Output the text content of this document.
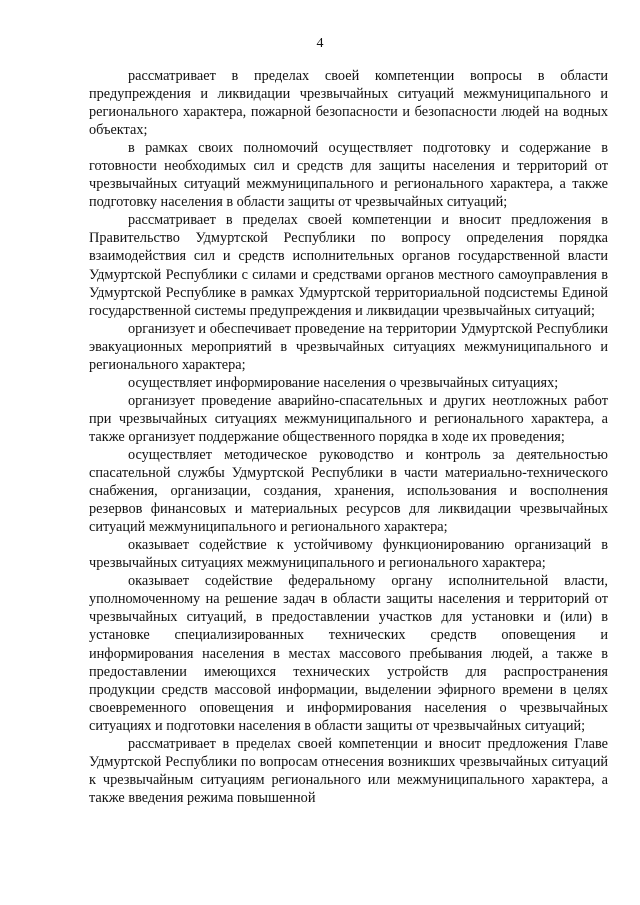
4

рассматривает в пределах своей компетенции вопросы в области предупреждения и ликвидации чрезвычайных ситуаций межмуниципального и регионального характера, пожарной безопасности и безопасности людей на водных объектах;

в рамках своих полномочий осуществляет подготовку и содержание в готовности необходимых сил и средств для защиты населения и территорий от чрезвычайных ситуаций межмуниципального и регионального характера, а также подготовку населения в области защиты от чрезвычайных ситуаций;

рассматривает в пределах своей компетенции и вносит предложения в Правительство Удмуртской Республики по вопросу определения порядка взаимодействия сил и средств исполнительных органов государственной власти Удмуртской Республики с силами и средствами органов местного самоуправления в Удмуртской Республике в рамках Удмуртской территориальной подсистемы Единой государственной системы предупреждения и ликвидации чрезвычайных ситуаций;

организует и обеспечивает проведение на территории Удмуртской Республики эвакуационных мероприятий в чрезвычайных ситуациях межмуниципального и регионального характера;

осуществляет информирование населения о чрезвычайных ситуациях;

организует проведение аварийно-спасательных и других неотложных работ при чрезвычайных ситуациях межмуниципального и регионального характера, а также организует поддержание общественного порядка в ходе их проведения;

осуществляет методическое руководство и контроль за деятельностью спасательной службы Удмуртской Республики в части материально-технического снабжения, организации, создания, хранения, использования и восполнения резервов финансовых и материальных ресурсов для ликвидации чрезвычайных ситуаций межмуниципального и регионального характера;

оказывает содействие к устойчивому функционированию организаций в чрезвычайных ситуациях межмуниципального и регионального характера;

оказывает содействие федеральному органу исполнительной власти, уполномоченному на решение задач в области защиты населения и территорий от чрезвычайных ситуаций, в предоставлении участков для установки и (или) в установке специализированных технических средств оповещения и информирования населения в местах массового пребывания людей, а также в предоставлении имеющихся технических устройств для распространения продукции средств массовой информации, выделении эфирного времени в целях своевременного оповещения и информирования населения о чрезвычайных ситуациях и подготовки населения в области защиты от чрезвычайных ситуаций;

рассматривает в пределах своей компетенции и вносит предложения Главе Удмуртской Республики по вопросам отнесения возникших чрезвычайных ситуаций к чрезвычайным ситуациям регионального или межмуниципального характера, а также введения режима повышенной
